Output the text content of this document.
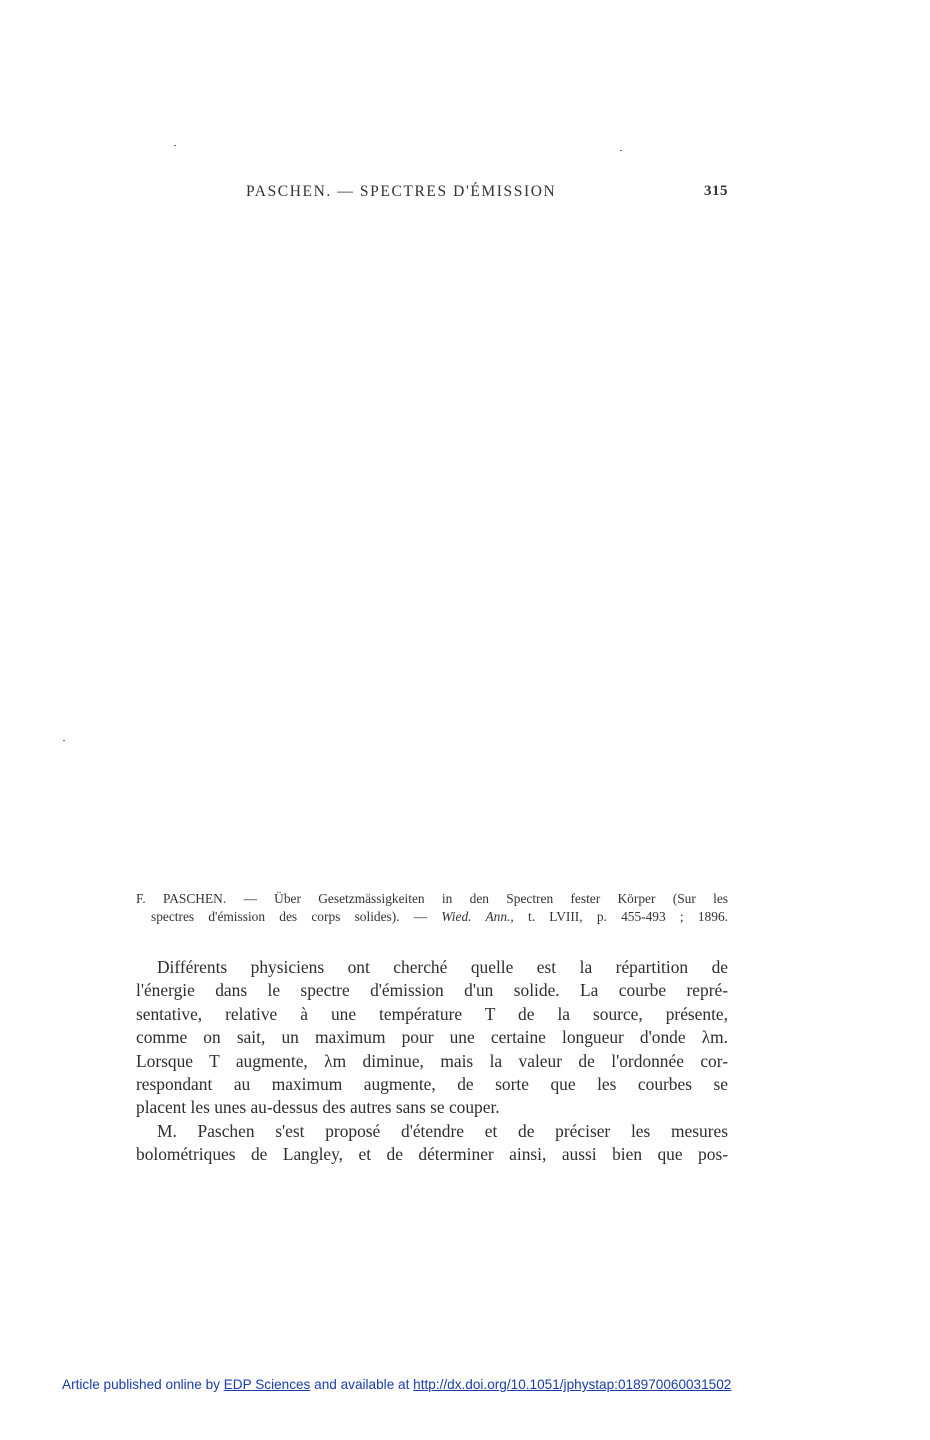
PASCHEN. — SPECTRES D'ÉMISSION	315
F. PASCHEN. — Über Gesetzmässigkeiten in den Spectren fester Körper (Sur les
spectres d'émission des corps solides). — Wied. Ann., t. LVIII, p. 455-493 ; 1896.
Différents physiciens ont cherché quelle est la répartition de
l'énergie dans le spectre d'émission d'un solide. La courbe repré-
sentative, relative à une température T de la source, présente,
comme on sait, un maximum pour une certaine longueur d'onde λm.
Lorsque T augmente, λm diminue, mais la valeur de l'ordonnée cor-
respondant au maximum augmente, de sorte que les courbes se
placent les unes au-dessus des autres sans se couper.
M. Paschen s'est proposé d'étendre et de préciser les mesures
bolométriques de Langley, et de déterminer ainsi, aussi bien que pos-
Article published online by EDP Sciences and available at http://dx.doi.org/10.1051/jphystap:018970060031502
